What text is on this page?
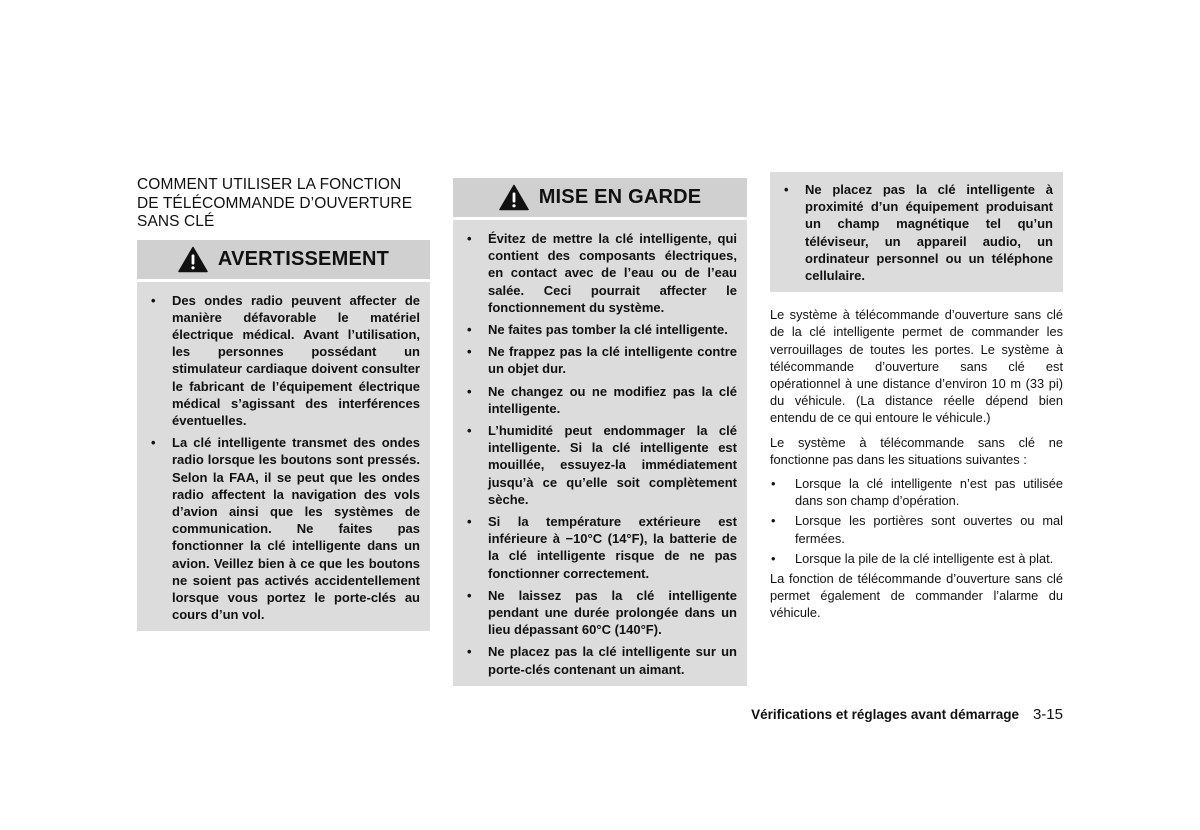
COMMENT UTILISER LA FONCTION
DE TÉLÉCOMMANDE D’OUVERTURE
SANS CLÉ
AVERTISSEMENT
• Des ondes radio peuvent affecter de manière défavorable le matériel électrique médical. Avant l’utilisation, les personnes possédant un stimulateur cardiaque doivent consulter le fabricant de l’équipement électrique médical s’agissant des interférences éventuelles.
• La clé intelligente transmet des ondes radio lorsque les boutons sont pressés. Selon la FAA, il se peut que les ondes radio affectent la navigation des vols d’avion ainsi que les systèmes de communication. Ne faites pas fonctionner la clé intelligente dans un avion. Veillez bien à ce que les boutons ne soient pas activés accidentellement lorsque vous portez le porte-clés au cours d’un vol.
MISE EN GARDE
• Évitez de mettre la clé intelligente, qui contient des composants électriques, en contact avec de l’eau ou de l’eau salée. Ceci pourrait affecter le fonctionnement du système.
• Ne faites pas tomber la clé intelligente.
• Ne frappez pas la clé intelligente contre un objet dur.
• Ne changez ou ne modifiez pas la clé intelligente.
• L’humidité peut endommager la clé intelligente. Si la clé intelligente est mouillée, essuyez-la immédiatement jusqu’à ce qu’elle soit complètement sèche.
• Si la température extérieure est inférieure à −10°C (14°F), la batterie de la clé intelligente risque de ne pas fonctionner correctement.
• Ne laissez pas la clé intelligente pendant une durée prolongée dans un lieu dépassant 60°C (140°F).
• Ne placez pas la clé intelligente sur un porte-clés contenant un aimant.
• Ne placez pas la clé intelligente à proximité d’un équipement produisant un champ magnétique tel qu’un téléviseur, un appareil audio, un ordinateur personnel ou un téléphone cellulaire.

Le système à télécommande d’ouverture sans clé de la clé intelligente permet de commander les verrouillages de toutes les portes. Le système à télécommande d’ouverture sans clé est opérationnel à une distance d’environ 10 m (33 pi) du véhicule. (La distance réelle dépend bien entendu de ce qui entoure le véhicule.)

Le système à télécommande sans clé ne fonctionne pas dans les situations suivantes :

• Lorsque la clé intelligente n’est pas utilisée dans son champ d’opération.
• Lorsque les portières sont ouvertes ou mal fermées.
• Lorsque la pile de la clé intelligente est à plat.

La fonction de télécommande d’ouverture sans clé permet également de commander l’alarme du véhicule.

Vérifications et réglages avant démarrage 3-15
